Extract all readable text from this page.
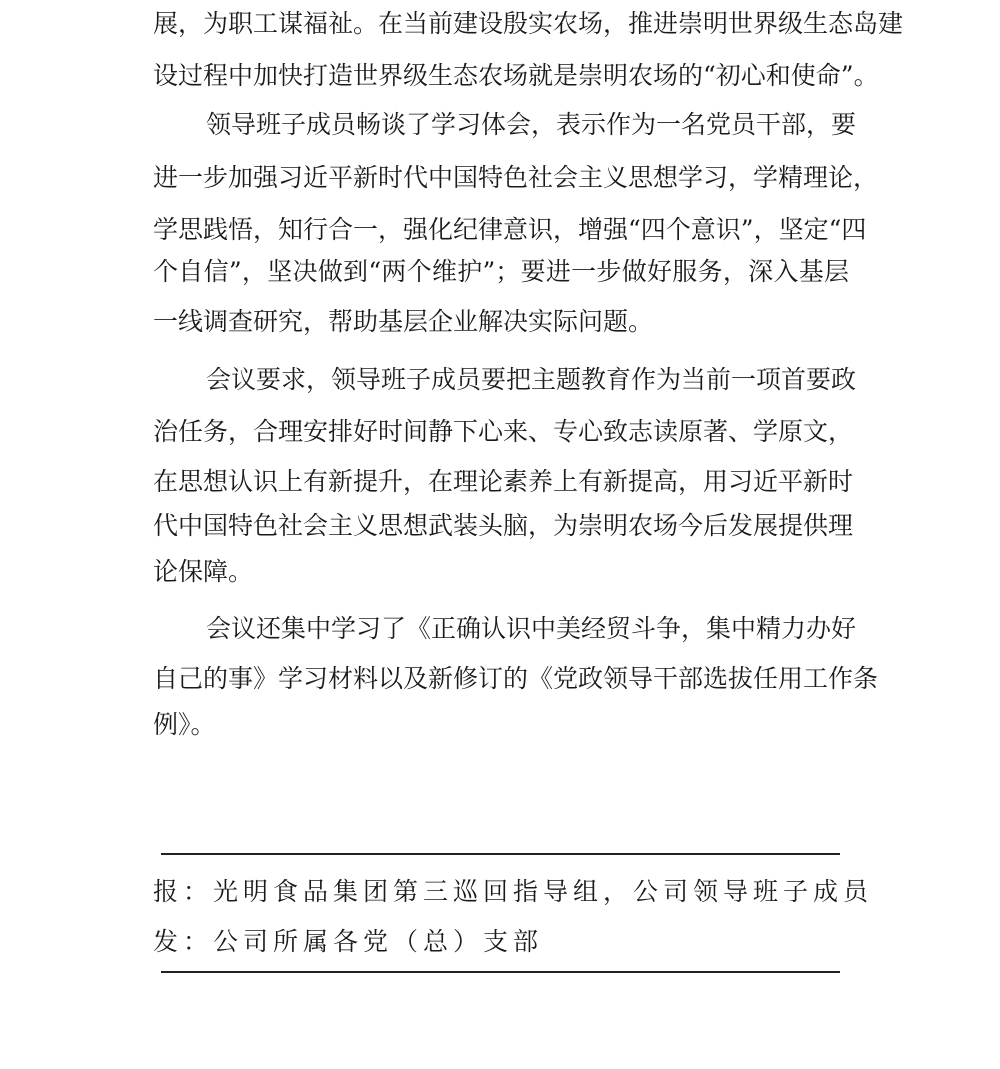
展，为职工谋福祉。在当前建设殷实农场，推进崇明世界级生态岛建
设过程中加快打造世界级生态农场就是崇明农场的“初心和使命”。
领导班子成员畅谈了学习体会，表示作为一名党员干部，要
进一步加强习近平新时代中国特色社会主义思想学习，学精理论，
学思践悟，知行合一，强化纪律意识，增强“四个意识”，坚定“四
个自信”，坚决做到“两个维护”；要进一步做好服务，深入基层
一线调查研究，帮助基层企业解决实际问题。
会议要求，领导班子成员要把主题教育作为当前一项首要政
治任务，合理安排好时间静下心来、专心致志读原著、学原文，
在思想认识上有新提升，在理论素养上有新提高，用习近平新时
代中国特色社会主义思想武装头脑，为崇明农场今后发展提供理
论保障。
会议还集中学习了《正确认识中美经贸斗争，集中精力办好
自己的事》学习材料以及新修订的《党政领导干部选拔任用工作条
例》。
报：光明食品集团第三巡回指导组，公司领导班子成员
发：公司所属各党（总）支部
